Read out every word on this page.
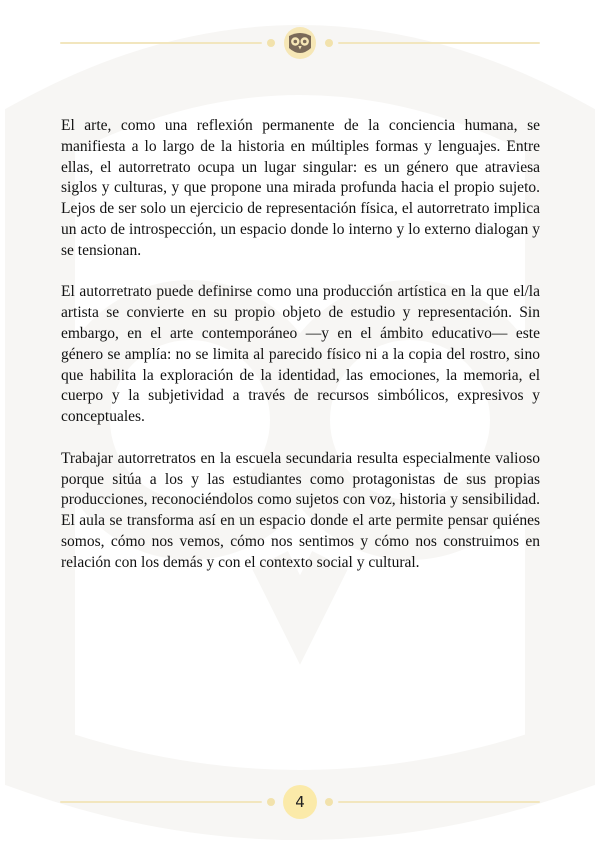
El arte, como una reflexión permanente de la conciencia humana, se manifiesta a lo largo de la historia en múltiples formas y lenguajes. Entre ellas, el autorretrato ocupa un lugar singular: es un género que atraviesa siglos y culturas, y que propone una mirada profunda hacia el propio sujeto. Lejos de ser solo un ejercicio de representación física, el autorretrato implica un acto de introspección, un espacio donde lo interno y lo externo dialogan y se tensionan.

El autorretrato puede definirse como una producción artística en la que el/la artista se convierte en su propio objeto de estudio y representación. Sin embargo, en el arte contemporáneo —y en el ámbito educativo— este género se amplía: no se limita al parecido físico ni a la copia del rostro, sino que habilita la exploración de la identidad, las emociones, la memoria, el cuerpo y la subjetividad a través de recursos simbólicos, expresivos y conceptuales.

Trabajar autorretratos en la escuela secundaria resulta especialmente valioso porque sitúa a los y las estudiantes como protagonistas de sus propias producciones, reconociéndolos como sujetos con voz, historia y sensibilidad. El aula se transforma así en un espacio donde el arte permite pensar quiénes somos, cómo nos vemos, cómo nos sentimos y cómo nos construimos en relación con los demás y con el contexto social y cultural.

4
